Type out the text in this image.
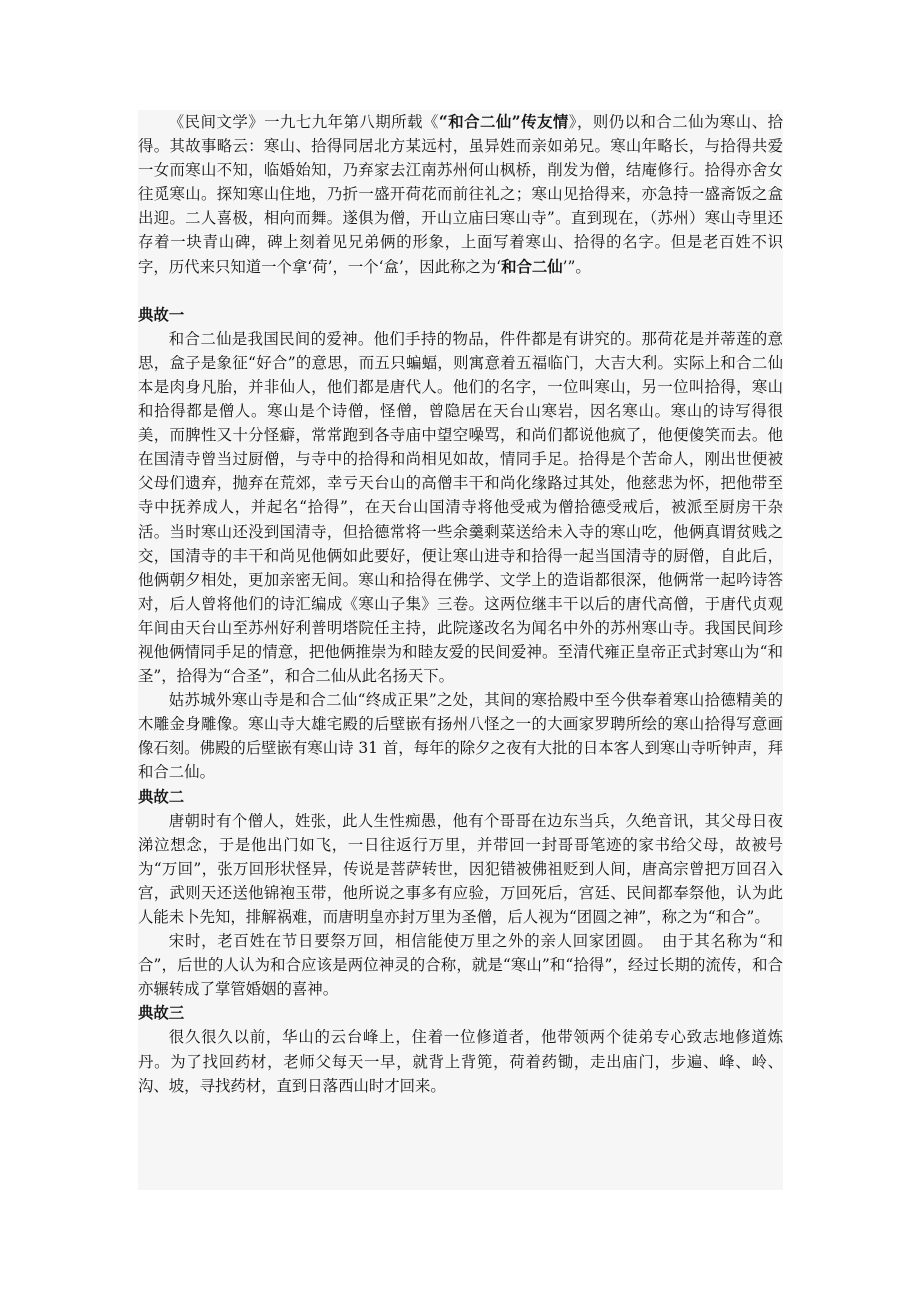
《民间文学》一九七九年第八期所载《“和合二仙”传友情》，则仍以和合二仙为寒山、拾得。其故事略云：寒山、拾得同居北方某远村，虽异姓而亲如弟兄。寒山年略长，与拾得共爱一女而寒山不知，临婚始知，乃弃家去江南苏州何山枫桥，削发为僧，结庵修行。拾得亦舍女往觅寒山。探知寒山住地，乃折一盛开荷花而前往礼之；寒山见拾得来，亦急持一盛斋饭之盒出迎。二人喜极，相向而舞。遂俱为僧，开山立庙曰寒山寺”。直到现在，（苏州）寒山寺里还存着一块青山碑，碑上刻着见兄弟俩的形象，上面写着寒山、拾得的名字。但是老百姓不识字，历代来只知道一个拿‘荷’，一个‘盒’，因此称之为‘和合二仙’”。

典故一

和合二仙是我国民间的爱神。他们手持的物品，件件都是有讲究的。那荷花是并蒂莲的意思，盒子是象征“好合”的意思，而五只蝙蝠，则寓意着五福临门，大吉大利。实际上和合二仙本是肉身凡胎，并非仙人，他们都是唐代人。他们的名字，一位叫寒山，另一位叫拾得，寒山和拾得都是僧人。寒山是个诗僧，怪僧，曾隐居在天台山寒岩，因名寒山。寒山的诗写得很美，而脾性又十分怪癖，常常跑到各寺庙中望空噪骂，和尚们都说他疯了，他便傻笑而去。他在国清寺曾当过厨僧，与寺中的拾得和尚相见如故，情同手足。拾得是个苦命人，刚出世便被父母们遗弃，抛弃在荒郊，幸亏天台山的高僧丰干和尚化缘路过其处，他慈悲为怀，把他带至寺中抚养成人，并起名“拾得”，在天台山国清寺将他受戒为僧拾德受戒后，被派至厨房干杂活。当时寒山还没到国清寺，但拾德常将一些余羹剩菜送给未入寺的寒山吃，他俩真谓贫贱之交，国清寺的丰干和尚见他俩如此要好，便让寒山进寺和拾得一起当国清寺的厨僧，自此后，他俩朝夕相处，更加亲密无间。寒山和拾得在佛学、文学上的造诣都很深，他俩常一起吟诗答对，后人曾将他们的诗汇编成《寒山子集》三卷。这两位继丰干以后的唐代高僧，于唐代贞观年间由天台山至苏州好利普明塔院任主持，此院遂改名为闻名中外的苏州寒山寺。我国民间珍视他俩情同手足的情意，把他俩推崇为和睦友爱的民间爱神。至清代雍正皇帝正式封寒山为“和圣”，拾得为“合圣”，和合二仙从此名扬天下。

姑苏城外寒山寺是和合二仙“终成正果”之处，其间的寒拾殿中至今供奉着寒山拾德精美的木雕金身雕像。寒山寺大雄宅殿的后壁嵌有扬州八怪之一的大画家罗聘所绘的寒山拾得写意画像石刻。佛殿的后壁嵌有寒山诗 31 首，每年的除夕之夜有大批的日本客人到寒山寺听钟声，拜和合二仙。

典故二

唐朝时有个僧人，姓张，此人生性痴愚，他有个哥哥在边东当兵，久绝音讯，其父母日夜涕泣想念，于是他出门如飞，一日往返行万里，并带回一封哥哥笔迹的家书给父母，故被号为“万回”，张万回形状怪异，传说是菩萨转世，因犯错被佛祖贬到人间，唐高宗曾把万回召入宫，武则天还送他锦袍玉带，他所说之事多有应验，万回死后，宫廷、民间都奉祭他，认为此人能未卜先知，排解祸难，而唐明皇亦封万里为圣僧，后人视为“团圆之神”，称之为“和合”。

宋时，老百姓在节日要祭万回，相信能使万里之外的亲人回家团圆。　由于其名称为“和合”，后世的人认为和合应该是两位神灵的合称，就是“寒山”和“拾得”，经过长期的流传，和合亦辗转成了掌管婚姻的喜神。

典故三

很久很久以前，华山的云台峰上，住着一位修道者，他带领两个徒弟专心致志地修道炼丹。为了找回药材，老师父每天一早，就背上背篼，荷着药锄，走出庙门，步遍、峰、岭、沟、坡，寻找药材，直到日落西山时才回来。
